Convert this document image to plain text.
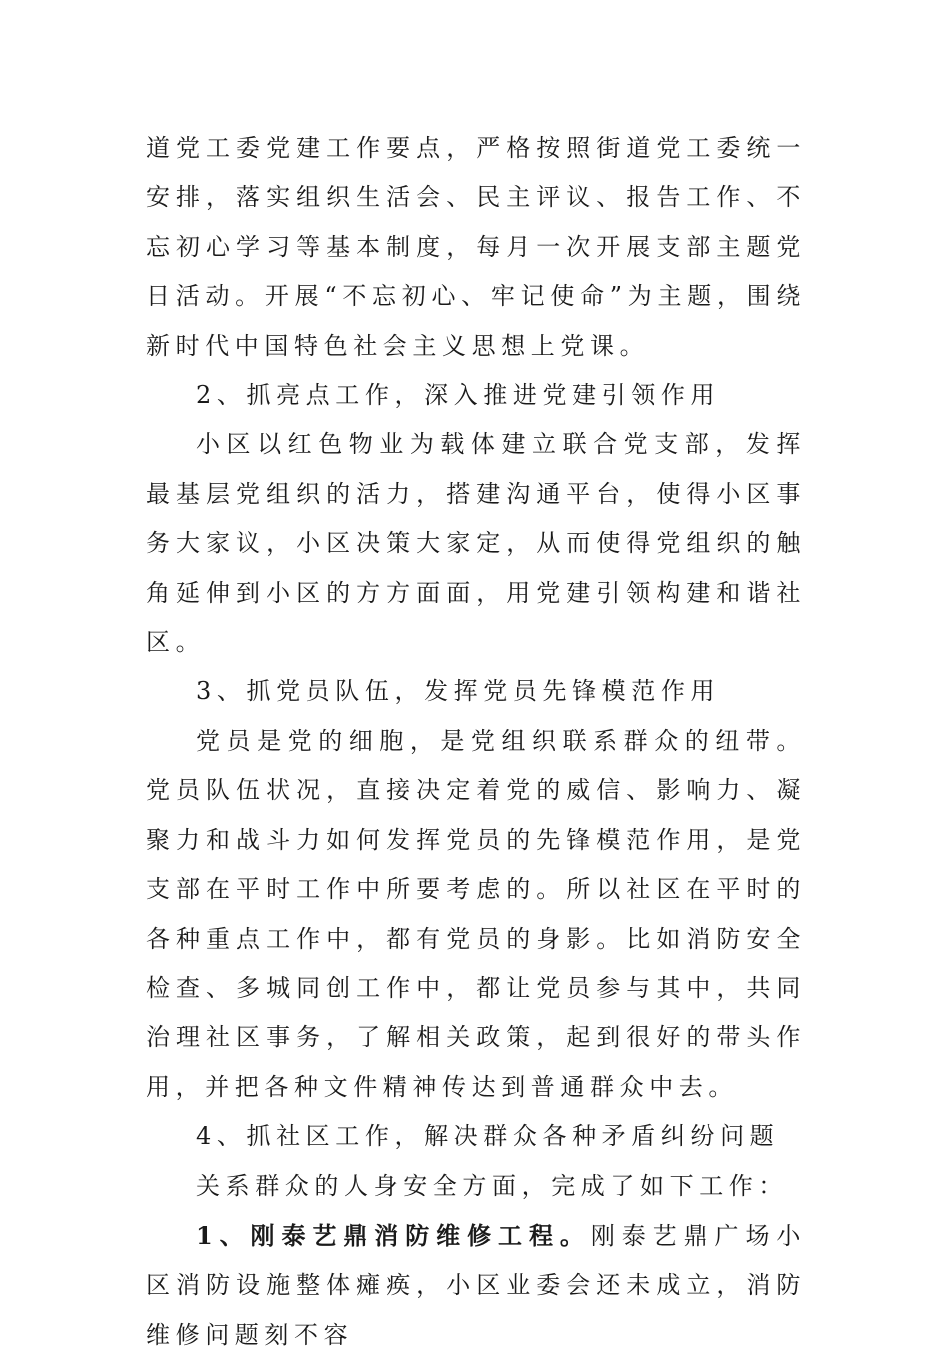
道党工委党建工作要点，严格按照街道党工委统一安排，落实组织生活会、民主评议、报告工作、不忘初心学习等基本制度，每月一次开展支部主题党日活动。开展“不忘初心、牢记使命”为主题，围绕新时代中国特色社会主义思想上党课。

2、抓亮点工作，深入推进党建引领作用

小区以红色物业为载体建立联合党支部，发挥最基层党组织的活力，搭建沟通平台，使得小区事务大家议，小区决策大家定，从而使得党组织的触角延伸到小区的方方面面，用党建引领构建和谐社区。

3、抓党员队伍，发挥党员先锋模范作用

党员是党的细胞，是党组织联系群众的纽带。党员队伍状况，直接决定着党的威信、影响力、凝聚力和战斗力如何发挥党员的先锋模范作用，是党支部在平时工作中所要考虑的。所以社区在平时的各种重点工作中，都有党员的身影。比如消防安全检查、多城同创工作中，都让党员参与其中，共同治理社区事务，了解相关政策，起到很好的带头作用，并把各种文件精神传达到普通群众中去。

4、抓社区工作，解决群众各种矛盾纠纷问题

关系群众的人身安全方面，完成了如下工作：

1、刚泰艺鼎消防维修工程。刚泰艺鼎广场小区消防设施整体瘫痪，小区业委会还未成立，消防维修问题刻不容
